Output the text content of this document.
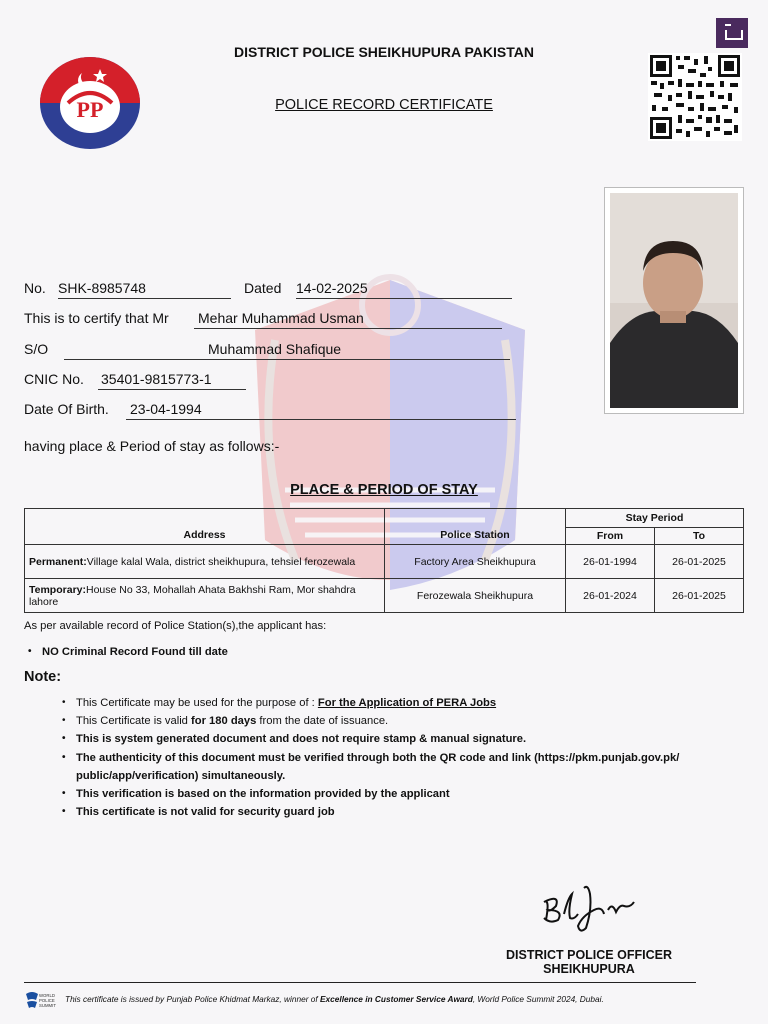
PP
DISTRICT POLICE SHEIKHUPURA PAKISTAN
POLICE RECORD CERTIFICATE
No. SHK-8985748	Dated 14-02-2025
This is to certify that Mr Mehar Muhammad Usman
S/O	Muhammad Shafique
CNIC No. 35401-9815773-1
Date Of Birth. 23-04-1994
having place & Period of stay as follows:-
PLACE & PERIOD OF STAY
Address	Police Station	Stay Period	
		From	To
Permanent:Village kalal Wala, district sheikhupura, tehsiel ferozewala	Factory Area Sheikhupura	26-01-1994	26-01-2025
Temporary:House No 33, Mohallah Ahata Bakhshi Ram, Mor shahdra lahore	Ferozewala Sheikhupura	26-01-2024	26-01-2025
As per available record of Police Station(s),the applicant has:
• NO Criminal Record Found till date
Note:
• This Certificate may be used for the purpose of : For the Application of PERA Jobs
• This Certificate is valid for 180 days from the date of issuance.
• This is system generated document and does not require stamp & manual signature.
• The authenticity of this document must be verified through both the QR code and link (https://pkm.punjab.gov.pk/
public/app/verification) simultaneously.
• This verification is based on the information provided by the applicant
• This certificate is not valid for security guard job
DISTRICT POLICE OFFICER
SHEIKHUPURA
WORLD POLICE SUMMIT
This certificate is issued by Punjab Police Khidmat Markaz, winner of Excellence in Customer Service Award, World Police Summit 2024, Dubai.
